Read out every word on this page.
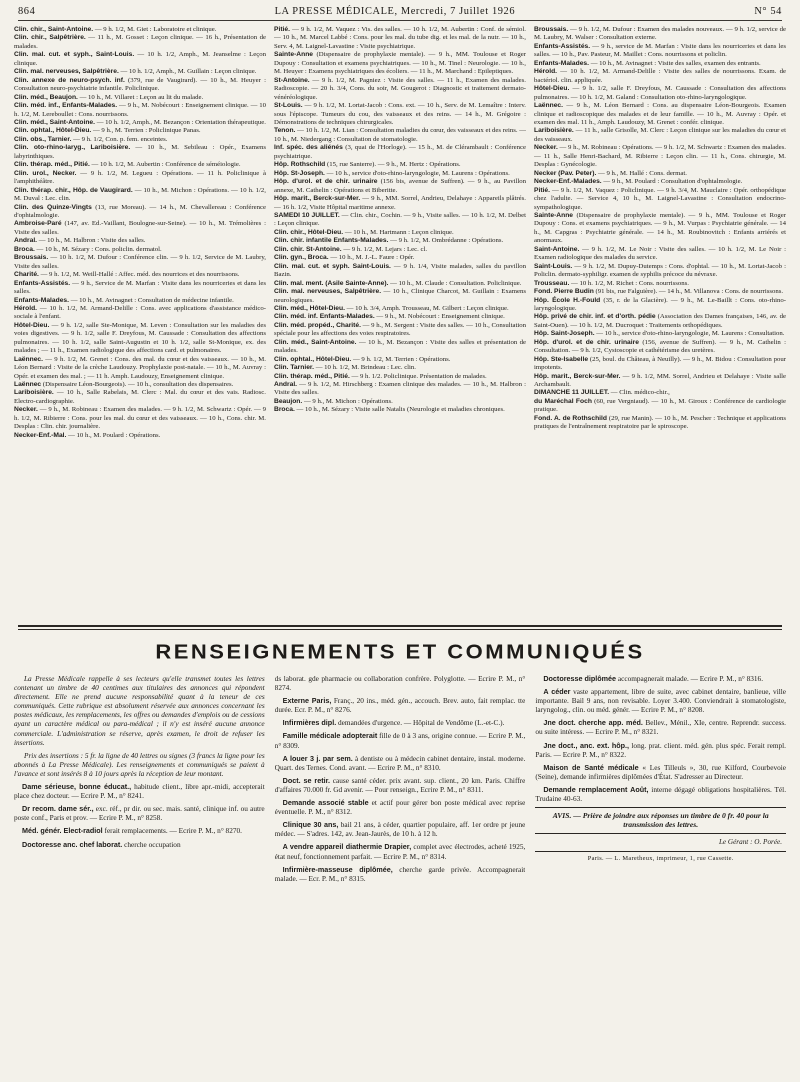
864	LA PRESSE MÉDICALE, Mercredi, 7 Juillet 1926	N° 54

Clin. chir., Saint-Antoine. — 9 h. 1/2, M. Giet : Laboratoire et clinique.

Clin. chir., Salpêtrière. — 11 h., M. Gosset : Leçon clinique. — 16 h., Présentation de malades.

Clin. mal. cut. et syph., Saint-Louis. — 10 h. 1/2, Amph., M. Jeanselme : Leçon clinique.

Clin. mal. nerveuses, Salpêtrière. — 10 h. 1/2, Amph., M. Guillain : Leçon clinique.

Clin. annexe de neuro-psych. inf. (379, rue de Vaugirard). — 10 h., M. Heuyer : Consultation neuro-psychiatrie infantile. Policlinique.

Clin. méd., Beaujon. — 10 h., M. Villaret : Leçon au lit du malade.

Clin. méd. inf., Enfants-Malades. — 9 h., M. Nobécourt : Enseignement clinique. — 10 h. 1/2, M. Lereboullet : Cons. nourrissons.

Clin. méd., Saint-Antoine. — 10 h. 1/2, Amph., M. Bezançon : Orientation thérapeutique.

Clin. ophtal., Hôtel-Dieu. — 9 h., M. Terrien : Policlinique Panas.

Clin. obs., Tarnier. — 9 h. 1/2, Con. p. fem. enceintes.

Clin. oto-rhino-laryg., Lariboisière. — 10 h., M. Sebileau : Opér., Examens labyrinthiques.

Clin. thérap. méd., Pitié. — 10 h. 1/2, M. Aubertin : Conférence de séméiologie.

Clin. urol., Necker. — 9 h. 1/2, M. Legueu : Opérations. — 11 h. Policlinique à l'amphithéâtre.

Clin. thérap. chir., Hôp. de Vaugirard. — 10 h., M. Michon : Opérations. — 10 h. 1/2, M. Duval : Lec. clin.

Clin. des Quinze-Vingts (13, rue Moreau). — 14 h., M. Chevallereau : Conférence d'ophtalmologie.

Ambroise-Paré (147, av. Ed.-Vaillant, Boulogne-sur-Seine). — 10 h., M. Trémolières : Visite des salles.

Andral. — 10 h., M. Halbron : Visite des salles.

Broca. — 10 h., M. Sézary : Cons. policlin. dermatol.

Broussais. — 10 h. 1/2, M. Dufour : Conférence clin. — 9 h. 1/2, Service de M. Laubry, Visite des salles.

Charité. — 9 h. 1/2, M. Weill-Hallé : Affec. méd. des nourrices et des nourrissons.

Enfants-Assistés. — 9 h., Service de M. Marfan : Visite dans les nourriceries et dans les salles.

Enfants-Malades. — 10 h., M. Avinagnet : Consultation de médecine infantile.

Hérold. — 10 h. 1/2, M. Armand-Delille : Cons. avec applications d'assistance médico-sociale à l'enfant.

Hôtel-Dieu. — 9 h. 1/2, salle Ste-Monique, M. Leven : Consultation sur les maladies des voies digestives. — 9 h. 1/2, salle F. Dreyfous, M. Caussade : Consultation des affections pulmonaires. — 10 h. 1/2, salle Saint-Augustin et 10 h. 1/2, salle St-Monique, ex. des malades ; — 11 h., Examen radiologique des affections card. et pulmonaires.

Laënnec. — 9 h. 1/2, M. Grenet : Cons. des mal. du cœur et des vaisseaux. — 10 h., M. Léon Bernard : Visite de la crèche Laudouzy. Prophylaxie post-natale. — 10 h., M. Auvray : Opér. et examen des mal. ; — 11 h. Amph. Laudouzy, Enseignement clinique.

Laënnec (Dispensaire Léon-Bourgeois). — 10 h., consultation des dispensaires.

Lariboisière. — 10 h., Salle Rabelais, M. Clerc : Mal. du cœur et des vais. Radiosc. Electro-cardiographie.

Necker. — 9 h., M. Robineau : Examen des malades. — 9 h. 1/2, M. Schwartz : Opér. — 9 h. 1/2, M. Ribierre : Cons. pour les mal. du cœur et des vaisseaux. — 10 h., Cons. chir. M. Desplas : Clin. chir. journalière.

Necker-Enf.-Mal. — 10 h., M. Poulard : Opérations.

Pitié. — 9 h. 1/2, M. Vaquez : Vis. des salles. — 10 h. 1/2, M. Aubertin : Conf. de sémiol. — 10 h., M. Marcel Labbé : Cons. pour les mal. du tube dig. et les mal. de la nutr. — 10 h., Serv. 4, M. Laignel-Lavastine : Visite psychiatrique.

Sainte-Anne (Dispensaire de prophylaxie mentale). — 9 h., MM. Toulouse et Roger Dupouy : Consultation et examens psychiatriques. — 10 h., M. Tinel : Neurologie. — 10 h., M. Heuyer : Examens psychiatriques des écoliers. — 11 h., M. Marchand : Epileptiques.

St-Antoine. — 9 h. 1/2, M. Pagniez : Visite des salles. — 11 h., Examen des malades. Radioscopie. — 20 h. 3/4, Cons. du soir, M. Gougerot : Diagnostic et traitement dermato-vénéréologique.

St-Louis. — 9 h. 1/2, M. Lortat-Jacob : Cons. ext. — 10 h., Serv. de M. Lemaître : Interv. sous l'épiscope. Tumeurs du cou, des vaisseaux et des reins. — 14 h., M. Grégoire : Démonstrations de techniques chirurgicales.

Tenon. — 10 h. 1/2, M. Lian : Consultation maladies du cœur, des vaisseaux et des reins. — 10 h., M. Niedergang : Consultation de stomatologie.

Inf. spéc. des aliénés (3, quai de l'Horloge). — 15 h., M. de Clérambault : Conférence psychiatrique.

Hôp. Rothschild (15, rue Santerre). — 9 h., M. Hertz : Opérations.

Hôp. St-Joseph. — 10 h., service d'oto-rhino-laryngologie, M. Laurens : Opérations.

Hôp. d'urol. et de chir. urinaire (156 bis, avenue de Suffren). — 9 h., au Pavillon annexe, M. Cathelin : Opérations et Biberitte.

Hôp. marit., Berck-sur-Mer. — 9 h., MM. Sorrel, Andrieu, Delahaye : Appareils plâtrés. — 16 h. 1/2, Visite Hôpital maritime annexe.

SAMEDI 10 JUILLET. — Clin. chir., Cochin. — 9 h., Visite salles. — 10 h. 1/2, M. Delbet : Leçon clinique.

Clin. chir., Hôtel-Dieu. — 10 h., M. Hartmann : Leçon clinique.

Clin. chir. infantile Enfants-Malades. — 9 h. 1/2, M. Ombrédanne : Opérations.

Clin. chir. St-Antoine. — 9 h. 1/2, M. Lejars : Lec. cl.

Clin. gyn., Broca. — 10 h., M. J.-L. Faure : Opér.

Clin. mal. cut. et syph. Saint-Louis. — 9 h. 1/4, Visite malades, salles du pavillon Bazin.

Clin. mal. ment. (Asile Sainte-Anne). — 10 h., M. Claude : Consultation. Policlinique.

Clin. mal. nerveuses, Salpêtrière. — 10 h., Clinique Charcot, M. Guillain : Examens neurologiques.

Clin. méd., Hôtel-Dieu. — 10 h. 3/4, Amph. Trousseau, M. Gilbert : Leçon clinique.

Clin. méd. inf. Enfants-Malades. — 9 h., M. Nobécourt : Enseignement clinique.

Clin. méd. propéd., Charité. — 9 h., M. Sergent : Visite des salles. — 10 h., Consultation spéciale pour les affections des voies respiratoires.

Clin. méd., Saint-Antoine. — 10 h., M. Bezançon : Visite des salles et présentation de malades.

Clin. ophtal., Hôtel-Dieu. — 9 h. 1/2, M. Terrien : Opérations.

Clin. Tarnier. — 10 h. 1/2, M. Brindeau : Lec. clin.

Clin. thérap. méd., Pitié. — 9 h. 1/2. Policlinique. Présentation de malades.

Andral. — 9 h. 1/2, M. Hirschberg : Examen clinique des malades. — 10 h., M. Halbron : Visite des salles.

Beaujon. — 9 h., M. Michon : Opérations.

Broca. — 10 h., M. Sézary : Visite salle Natalis (Neurologie et maladies chroniques.

Broussais. — 9 h. 1/2, M. Dufour : Examen des malades nouveaux. — 9 h. 1/2, service de M. Laubry, M. Walser : Consultation externe.

Enfants-Assistés. — 9 h., service de M. Marfan : Visite dans les nourriceries et dans les salles. — 10 h., Pav. Pasteur, M. Maillet : Cons. nourrissons et policlin.

Enfants-Malades. — 10 h., M. Avinagnet : Visite des salles, examen des entrants.

Hérold. — 10 h. 1/2, M. Armand-Delille : Visite des salles de nourrissons. Exam. de bactériol. clin. appliquée.

Hôtel-Dieu. — 9 h. 1/2, salle F. Dreyfous, M. Caussade : Consultation des affections pulmonaires. — 10 h. 1/2, M. Galand : Consultation oto-rhino-laryngologique.

Laënnec. — 9 h., M. Léon Bernard : Cons. au dispensaire Léon-Bourgeois. Examen clinique et radioscopique des malades et de leur famille. — 10 h., M. Auvray : Opér. et examen des mal. 11 h., Amph. Laudouzy, M. Grenet : confér. clinique.

Lariboisière. — 11 h., salle Grisolle, M. Clerc : Leçon clinique sur les maladies du cœur et des vaisseaux.

Necker. — 9 h., M. Robineau : Opérations. — 9 h. 1/2, M. Schwartz : Examen des malades. — 11 h., Salle Henri-Bachard, M. Ribierre : Leçon clin. — 11 h., Cons. chirurgie, M. Desplas : Gynécologie.

Necker (Pav. Peter). — 9 h., M. Hallé : Cons. dermat.

Necker-Enf.-Malades. — 9 h., M. Poulard : Consultation d'ophtalmologie.

Pitié. — 9 h. 1/2, M. Vaquez : Policlinique. — 9 h. 3/4, M. Mauclaire : Opér. orthopédique chez l'adulte. — Service 4, 10 h., M. Laignel-Lavastine : Consultation endocrino-sympathologique.

Sainte-Anne (Dispensaire de prophylaxie mentale). — 9 h., MM. Toulouse et Roger Dupouy : Cons. et examens psychiatriques. — 9 h., M. Vurpas : Psychiatrie générale. — 14 h., M. Capgras : Psychiatrie générale. — 14 h., M. Roubinovitch : Enfants arriérés et anormaux.

Saint-Antoine. — 9 h. 1/2, M. Le Noir : Visite des salles. — 10 h. 1/2, M. Le Noir : Examen radiologique des malades du service.

Saint-Louis. — 9 h. 1/2, M. Dupuy-Dutemps : Cons. d'ophtal. — 10 h., M. Lortat-Jacob : Policlin. dermato-syphiligr. examen de syphilis précoce du névraxe.

Trousseau. — 10 h. 1/2, M. Richet : Cons. nourrissons.

Fond. Pierre Budin (91 bis, rue Falguière). — 14 h., M. Villanova : Cons. de nourrissons.

Hôp. École H.-Fould (35, r. de la Glacière). — 9 h., M. Le-Baillt : Cons. oto-rhino-laryngologique.

Hôp. privé de chir. inf. et d'orth. pédie (Association des Dames françaises, 146, av. de Saint-Ouen). — 10 h. 1/2, M. Ducroquet : Traitements orthopédiques.

Hôp. Saint-Joseph. — 10 h., service d'oto-rhino-laryngologie, M. Laurens : Consultation.

Hôp. d'urol. et de chir. urinaire (156, avenue de Suffren). — 9 h., M. Cathelin : Consultation. — 9 h. 1/2, Cystoscopie et cathétérisme des uretères.

Hôp. Ste-Isabelle (25, boul. du Château, à Neuilly). — 9 h., M. Bidou : Consultation pour impotents.

Hôp. marit., Berck-sur-Mer. — 9 h. 1/2, MM. Sorrel, Andrieu et Delahaye : Visite salle Archambault.

DIMANCHE 11 JUILLET. — Clin. médico-chir.,

du Maréchal Foch (60, rue Vergniaud). — 10 h., M. Giroux : Conférence de cardiologie pratique.

Fond. A. de Rothschild (29, rue Manin). — 10 h., M. Pescher : Technique et applications pratiques de l'entraînement respiratoire par le spiroscope.

RENSEIGNEMENTS ET COMMUNIQUÉS

La Presse Médicale rappelle à ses lecteurs qu'elle transmet toutes les lettres contenant un timbre de 40 centimes aux titulaires des annonces qui répondent directement. Elle ne prend aucune responsabilité quant à la teneur de ces communiqués. Cette rubrique est absolument réservée aux annonces concernant les postes médicaux, les remplacements, les offres ou demandes d'emplois ou de cessions ayant un caractère médical ou para-médical ; il n'y est inséré aucune annonce commerciale. L'administration se réserve, après examen, le droit de refuser les insertions.

Prix des insertions : 5 fr. la ligne de 40 lettres ou signes (3 francs la ligne pour les abonnés à La Presse Médicale). Les renseignements et communiqués se paient à l'avance et sont insérés 8 à 10 jours après la réception de leur montant.

Dame sérieuse, bonne éducat., habitude client., libre apr.-midi, accepterait place chez docteur. — Ecrire P. M., n° 8241.

Dr recom. dame sér., exc. réf., pr dir. ou sec. mais. santé, clinique inf. ou autre poste conf., Paris et prov. — Ecrire P. M., n° 8258.

Méd. génér. Elect-radiol ferait remplacements. — Ecrire P. M., n° 8270.

Doctoresse anc. chef laborat. cherche occupation

ds laborat. gde pharmacie ou collaboration confrère. Polyglotte. — Ecrire P. M., n° 8274.

Externe Paris, Franç., 20 ins., méd. gén., accouch. Brev. auto, fait remplac. tte durée. Ecr. P. M., n° 8276.

Infirmières dipl. demandées d'urgence. — Hôpital de Vendôme (L.-et-C.).

Famille médicale adopterait fille de 0 à 3 ans, origine connue. — Ecrire P. M., n° 8309.

A louer 3 j. par sem. à dentiste ou à médecin cabinet dentaire, instal. moderne. Quart. des Ternes. Cond. avant. — Ecrire P. M., n° 8310.

Doct. se retir. cause santé céder. prix avant. sup. client., 20 km. Paris. Chiffre d'affaires 70.000 fr. Gd avenir. — Pour renseign., Ecrire P. M., n° 8311.

Demande associé stable et actif pour gérer bon poste médical avec reprise éventuelle. P. M., n° 8312.

Clinique 30 ans, bail 21 ans, à céder, quartier populaire, aff. 1er ordre pr jeune médec. — S'adres. 142, av. Jean-Jaurès, de 10 h. à 12 h.

A vendre appareil diathermie Drapier, complet avec électrodes, acheté 1925, état neuf, fonctionnement parfait. — Ecrire P. M., n° 8314.

Infirmière-masseuse diplômée, cherche garde privée. Accompagnerait malade. — Ecr. P. M., n° 8315.

Doctoresse diplômée accompagnerait malade. — Ecrire P. M., n° 8316.

A céder vaste appartement, libre de suite, avec cabinet dentaire, banlieue, ville importante. Bail 9 ans, non revisable. Loyer 3.400. Conviendrait à stomatologiste, laryngolog., clin. ou méd. génér. — Ecrire P. M., n° 8208.

Jne doct. cherche app. méd. Bellev., Ménil., XIe, centre. Reprendr. success. ou suite intéress. — Ecrire P. M., n° 8321.

Jne doct., anc. ext. hôp., long. prat. client. méd. gén. plus spéc. Ferait rempl. Paris. — Ecrire P. M., n° 8322.

Maison de Santé médicale « Les Tilleuls », 30, rue Kilford, Courbevoie (Seine), demande infirmières diplômées d'État. S'adresser au Directeur.

Demande remplacement Août, interne dégagé obligations hospitalières. Tél. Trudaine 40-63.

AVIS. — Prière de joindre aux réponses un timbre de 0 fr. 40 pour la transmission des lettres.
Le Gérant : O. Porée.
Paris. — L. Maretheux, imprimeur, 1, rue Cassette.
